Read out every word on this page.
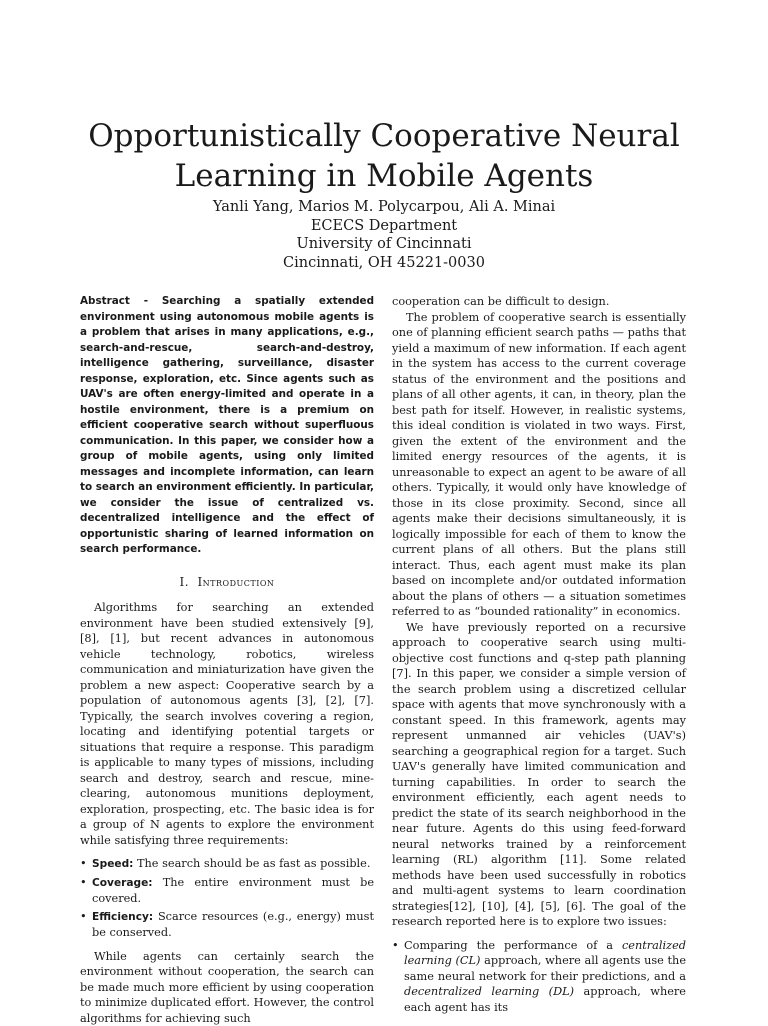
Opportunistically Cooperative Neural Learning in Mobile Agents
Yanli Yang, Marios M. Polycarpou, Ali A. Minai
ECECS Department
University of Cincinnati
Cincinnati, OH 45221-0030
Abstract - Searching a spatially extended environment using autonomous mobile agents is a problem that arises in many applications, e.g., search-and-rescue, search-and-destroy, intelligence gathering, surveillance, disaster response, exploration, etc. Since agents such as UAV's are often energy-limited and operate in a hostile environment, there is a premium on efficient cooperative search without superfluous communication. In this paper, we consider how a group of mobile agents, using only limited messages and incomplete information, can learn to search an environment efficiently. In particular, we consider the issue of centralized vs. decentralized intelligence and the effect of opportunistic sharing of learned information on search performance.
I. Introduction

Algorithms for searching an extended environment have been studied extensively [9], [8], [1], but recent advances in autonomous vehicle technology, robotics, wireless communication and miniaturization have given the problem a new aspect: Cooperative search by a population of autonomous agents [3], [2], [7]. Typically, the search involves covering a region, locating and identifying potential targets or situations that require a response. This paradigm is applicable to many types of missions, including search and destroy, search and rescue, mine-clearing, autonomous munitions deployment, exploration, prospecting, etc. The basic idea is for a group of N agents to explore the environment while satisfying three requirements:

• Speed: The search should be as fast as possible.
• Coverage: The entire environment must be covered.
• Efficiency: Scarce resources (e.g., energy) must be conserved.

While agents can certainly search the environment without cooperation, the search can be made much more efficient by using cooperation to minimize duplicated effort. However, the control algorithms for achieving such

cooperation can be difficult to design.

The problem of cooperative search is essentially one of planning efficient search paths — paths that yield a maximum of new information. If each agent in the system has access to the current coverage status of the environment and the positions and plans of all other agents, it can, in theory, plan the best path for itself. However, in realistic systems, this ideal condition is violated in two ways. First, given the extent of the environment and the limited energy resources of the agents, it is unreasonable to expect an agent to be aware of all others. Typically, it would only have knowledge of those in its close proximity. Second, since all agents make their decisions simultaneously, it is logically impossible for each of them to know the current plans of all others. But the plans still interact. Thus, each agent must make its plan based on incomplete and/or outdated information about the plans of others — a situation sometimes referred to as “bounded rationality” in economics.

We have previously reported on a recursive approach to cooperative search using multi-objective cost functions and q-step path planning [7]. In this paper, we consider a simple version of the search problem using a discretized cellular space with agents that move synchronously with a constant speed. In this framework, agents may represent unmanned air vehicles (UAV's) searching a geographical region for a target. Such UAV's generally have limited communication and turning capabilities. In order to search the environment efficiently, each agent needs to predict the state of its search neighborhood in the near future. Agents do this using feed-forward neural networks trained by a reinforcement learning (RL) algorithm [11]. Some related methods have been used successfully in robotics and multi-agent systems to learn coordination strategies[12], [10], [4], [5], [6]. The goal of the research reported here is to explore two issues:

• Comparing the performance of a centralized learning (CL) approach, where all agents use the same neural network for their predictions, and a decentralized learning (DL) approach, where each agent has its
